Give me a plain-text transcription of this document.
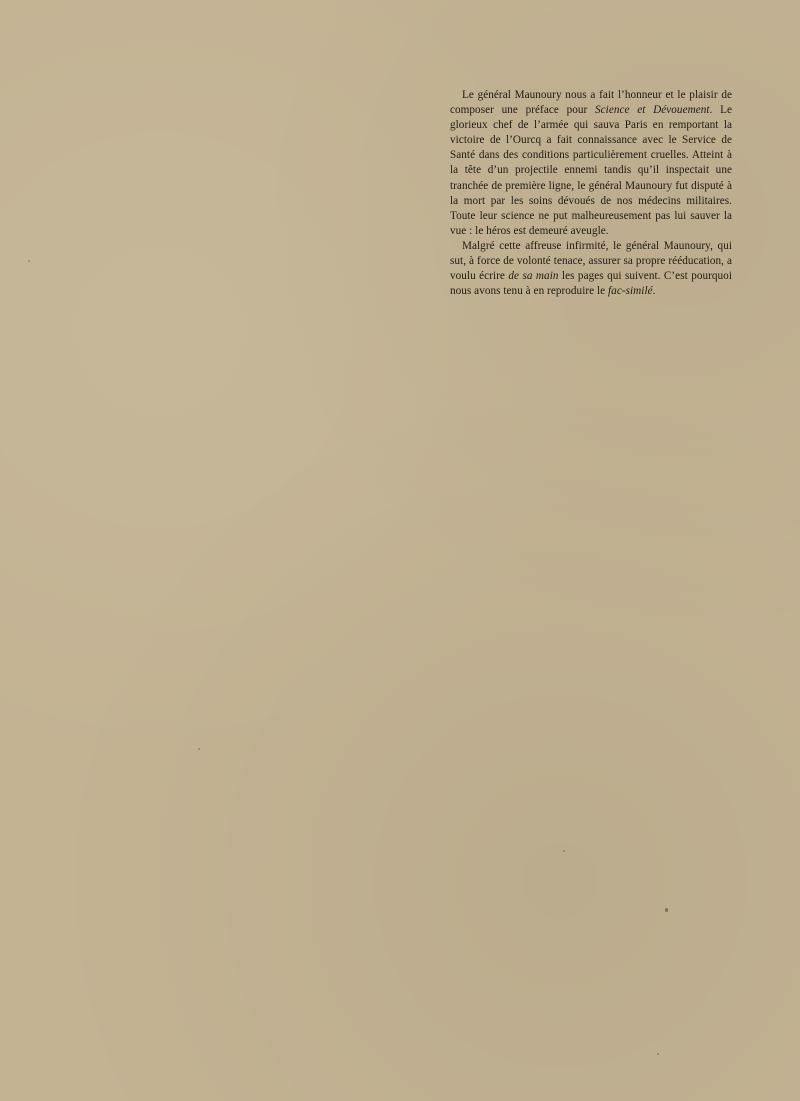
Le général Maunoury nous a fait l’honneur et le plaisir de composer une préface pour Science et Dévouement. Le glorieux chef de l’armée qui sauva Paris en remportant la victoire de l’Ourcq a fait connaissance avec le Service de Santé dans des conditions particulièrement cruelles. Atteint à la tête d’un projectile ennemi tandis qu’il inspectait une tranchée de première ligne, le général Maunoury fut disputé à la mort par les soins dévoués de nos médecins militaires. Toute leur science ne put malheureusement pas lui sauver la vue : le héros est demeuré aveugle.

Malgré cette affreuse infirmité, le général Maunoury, qui sut, à force de volonté tenace, assurer sa propre rééducation, a voulu écrire de sa main les pages qui suivent. C’est pourquoi nous avons tenu à en reproduire le fac-similé.
